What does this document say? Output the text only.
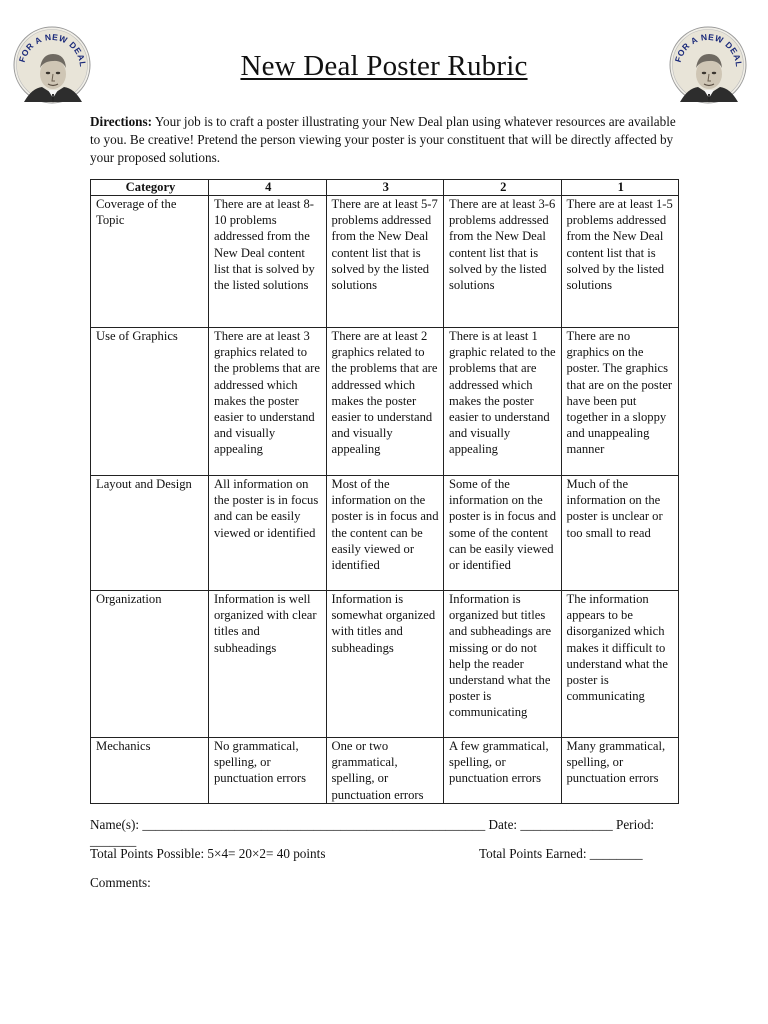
FOR A NEW DEAL
FOR A NEW DEAL
New Deal Poster Rubric
Directions: Your job is to craft a poster illustrating your New Deal plan using whatever resources are available to you. Be creative! Pretend the person viewing your poster is your constituent that will be directly affected by your proposed solutions.
Category	4	3	2	1
Coverage of the Topic	There are at least 8-10 problems addressed from the New Deal content list that is solved by the listed solutions	There are at least 5-7 problems addressed from the New Deal content list that is solved by the listed solutions	There are at least 3-6 problems addressed from the New Deal content list that is solved by the listed solutions	There are at least 1-5 problems addressed from the New Deal content list that is solved by the listed solutions
Use of Graphics	There are at least 3 graphics related to the problems that are addressed which makes the poster easier to understand and visually appealing	There are at least 2 graphics related to the problems that are addressed which makes the poster easier to understand and visually appealing	There is at least 1 graphic related to the problems that are addressed which makes the poster easier to understand and visually appealing	There are no graphics on the poster. The graphics that are on the poster have been put together in a sloppy and unappealing manner
Layout and Design	All information on the poster is in focus and can be easily viewed or identified	Most of the information on the poster is in focus and the content can be easily viewed or identified	Some of the information on the poster is in focus and some of the content can be easily viewed or identified	Much of the information on the poster is unclear or too small to read
Organization	Information is well organized with clear titles and subheadings	Information is somewhat organized with titles and subheadings	Information is organized but titles and subheadings are missing or do not help the reader understand what the poster is communicating	The information appears to be disorganized which makes it difficult to understand what the poster is communicating
Mechanics	No grammatical, spelling, or punctuation errors	One or two grammatical, spelling, or punctuation errors	A few grammatical, spelling, or punctuation errors	Many grammatical, spelling, or punctuation errors
Name(s): ____________________________________________________ Date: ______________ Period: _______
Total Points Possible: 5×4= 20×2= 40 points	Total Points Earned: ________
Comments:
